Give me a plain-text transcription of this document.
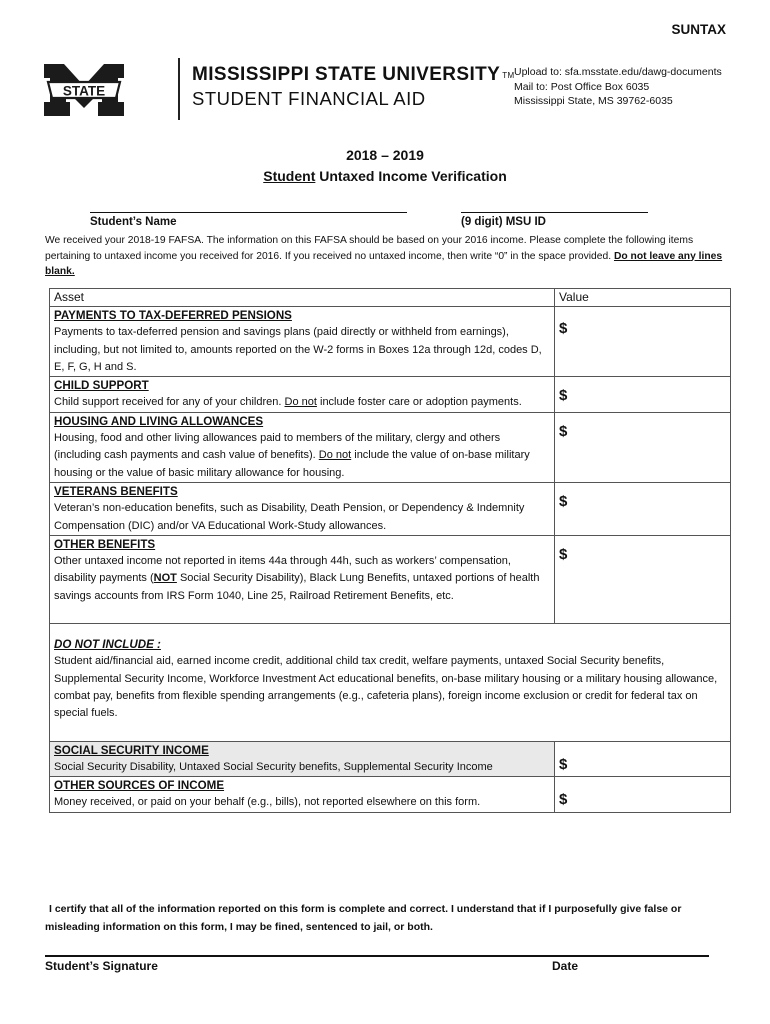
SUNTAX
STATE
MISSISSIPPI STATE UNIVERSITY TM
STUDENT FINANCIAL AID
Upload to: sfa.msstate.edu/dawg-documents
Mail to: Post Office Box 6035
Mississippi State, MS 39762-6035
2018 – 2019
Student Untaxed Income Verification
Student’s Name	(9 digit) MSU ID
We received your 2018-19 FAFSA. The information on this FAFSA should be based on your 2016 income. Please complete the following items pertaining to untaxed income you received for 2016. If you received no untaxed income, then write “0” in the space provided. Do not leave any lines blank.
Asset	Value

PAYMENTS TO TAX-DEFERRED PENSIONS
Payments to tax-deferred pension and savings plans (paid directly or withheld from earnings), including, but not limited to, amounts reported on the W-2 forms in Boxes 12a through 12d, codes D, E, F, G, H and S.	$

CHILD SUPPORT
Child support received for any of your children. Do not include foster care or adoption payments.	$

HOUSING AND LIVING ALLOWANCES
Housing, food and other living allowances paid to members of the military, clergy and others (including cash payments and cash value of benefits). Do not include the value of on-base military housing or the value of basic military allowance for housing.	$

VETERANS BENEFITS
Veteran’s non-education benefits, such as Disability, Death Pension, or Dependency & Indemnity Compensation (DIC) and/or VA Educational Work-Study allowances.	$

OTHER BENEFITS
Other untaxed income not reported in items 44a through 44h, such as workers’ compensation, disability payments (NOT Social Security Disability), Black Lung Benefits, untaxed portions of health savings accounts from IRS Form 1040, Line 25, Railroad Retirement Benefits, etc.	$

DO NOT INCLUDE :
Student aid/financial aid, earned income credit, additional child tax credit, welfare payments, untaxed Social Security benefits, Supplemental Security Income, Workforce Investment Act educational benefits, on-base military housing or a military housing allowance, combat pay, benefits from flexible spending arrangements (e.g., cafeteria plans), foreign income exclusion or credit for federal tax on special fuels.	

SOCIAL SECURITY INCOME
Social Security Disability, Untaxed Social Security benefits, Supplemental Security Income	$

OTHER SOURCES OF INCOME
Money received, or paid on your behalf (e.g., bills), not reported elsewhere on this form.	$
I certify that all of the information reported on this form is complete and correct. I understand that if I purposefully give false or misleading information on this form, I may be fined, sentenced to jail, or both.
Student’s Signature	Date
